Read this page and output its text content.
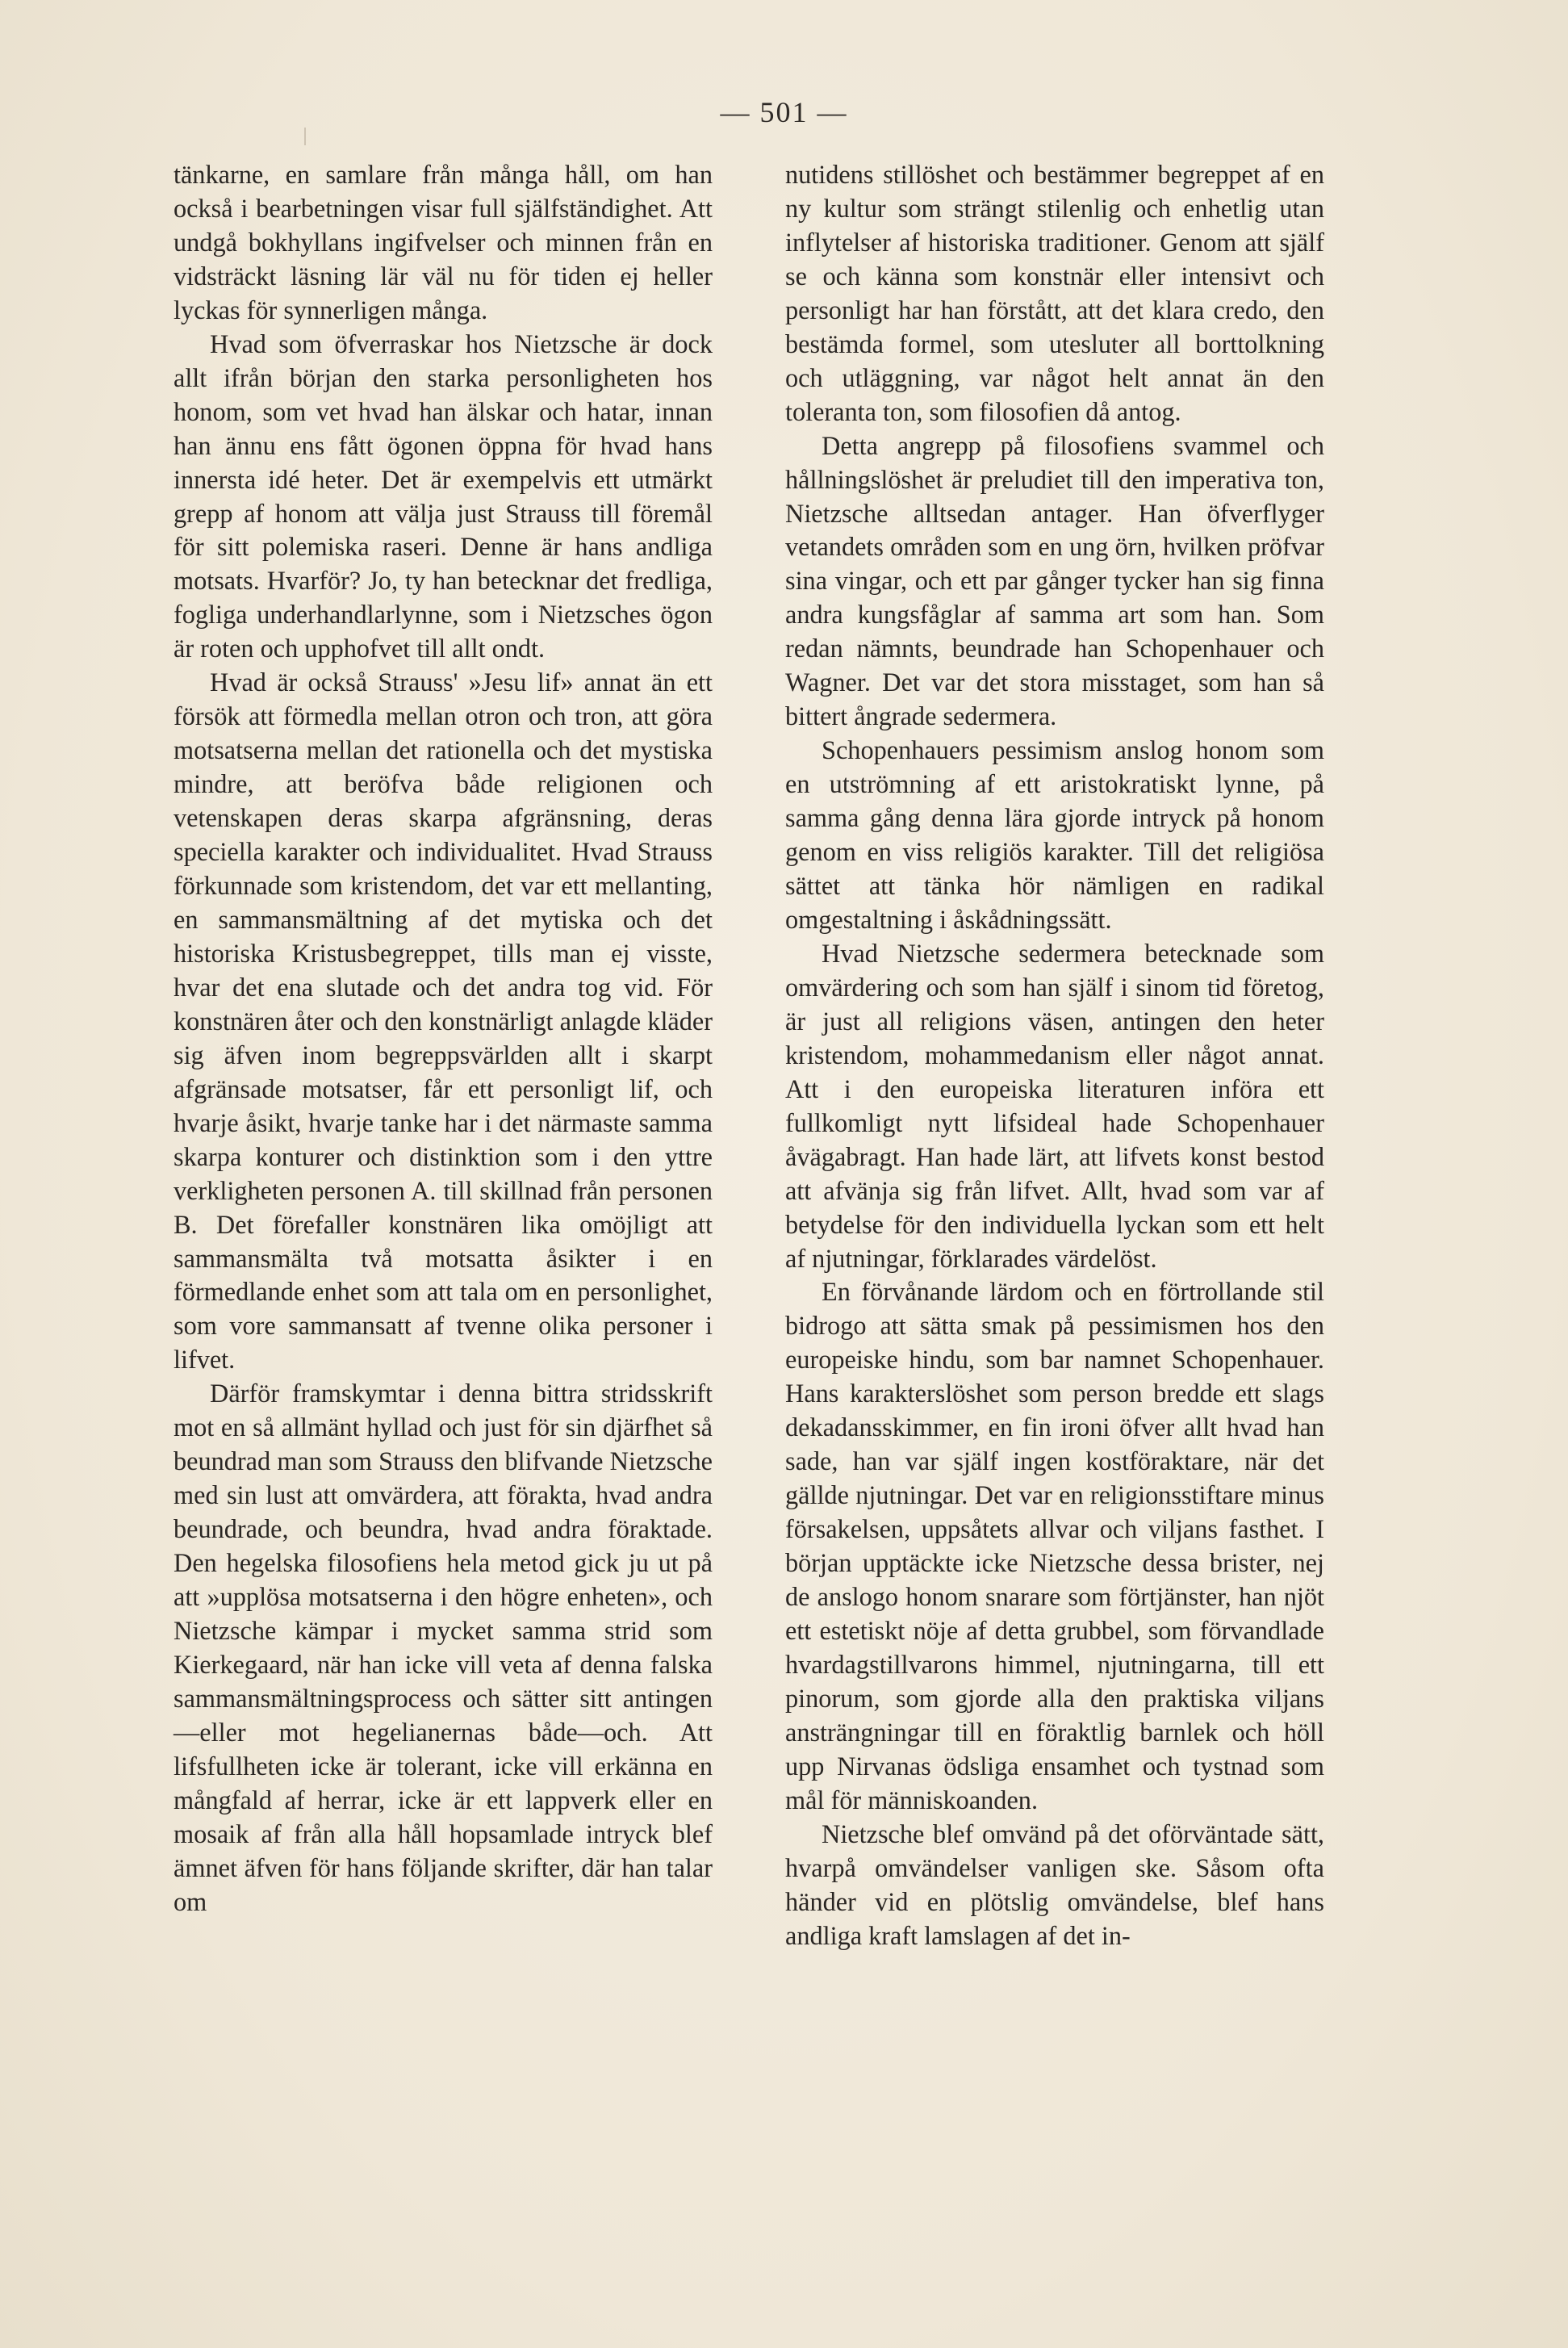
— 501 —

tänkarne, en samlare från många håll, om han också i bearbetningen visar full själfständighet. Att undgå bokhyllans ingifvelser och minnen från en vidsträckt läsning lär väl nu för tiden ej heller lyckas för synnerligen många.

Hvad som öfverraskar hos Nietzsche är dock allt ifrån början den starka personligheten hos honom, som vet hvad han älskar och hatar, innan han ännu ens fått ögonen öppna för hvad hans innersta idé heter. Det är exempelvis ett utmärkt grepp af honom att välja just Strauss till föremål för sitt polemiska raseri. Denne är hans andliga motsats. Hvarför? Jo, ty han betecknar det fredliga, fogliga underhandlarlynne, som i Nietzsches ögon är roten och upphofvet till allt ondt.

Hvad är också Strauss' »Jesu lif» annat än ett försök att förmedla mellan otron och tron, att göra motsatserna mellan det rationella och det mystiska mindre, att beröfva både religionen och vetenskapen deras skarpa afgränsning, deras speciella karakter och individualitet. Hvad Strauss förkunnade som kristendom, det var ett mellanting, en sammansmältning af det mytiska och det historiska Kristusbegreppet, tills man ej visste, hvar det ena slutade och det andra tog vid. För konstnären åter och den konstnärligt anlagde kläder sig äfven inom begreppsvärlden allt i skarpt afgränsade motsatser, får ett personligt lif, och hvarje åsikt, hvarje tanke har i det närmaste samma skarpa konturer och distinktion som i den yttre verkligheten personen A. till skillnad från personen B. Det förefaller konstnären lika omöjligt att sammansmälta två motsatta åsikter i en förmedlande enhet som att tala om en personlighet, som vore sammansatt af tvenne olika personer i lifvet.

Därför framskymtar i denna bittra stridsskrift mot en så allmänt hyllad och just för sin djärfhet så beundrad man som Strauss den blifvande Nietzsche med sin lust att omvärdera, att förakta, hvad andra beundrade, och beundra, hvad andra föraktade. Den hegelska filosofiens hela metod gick ju ut på att »upplösa motsatserna i den högre enheten», och Nietzsche kämpar i mycket samma strid som Kierkegaard, när han icke vill veta af denna falska sammansmältningsprocess och sätter sitt antingen —eller mot hegelianernas både—och. Att lifsfullheten icke är tolerant, icke vill erkänna en mångfald af herrar, icke är ett lappverk eller en mosaik af från alla håll hopsamlade intryck blef ämnet äfven för hans följande skrifter, där han talar om

nutidens stillöshet och bestämmer begreppet af en ny kultur som strängt stilenlig och enhetlig utan inflytelser af historiska traditioner. Genom att själf se och känna som konstnär eller intensivt och personligt har han förstått, att det klara credo, den bestämda formel, som utesluter all borttolkning och utläggning, var något helt annat än den toleranta ton, som filosofien då antog.

Detta angrepp på filosofiens svammel och hållningslöshet är preludiet till den imperativa ton, Nietzsche alltsedan antager. Han öfverflyger vetandets områden som en ung örn, hvilken pröfvar sina vingar, och ett par gånger tycker han sig finna andra kungsfåglar af samma art som han. Som redan nämnts, beundrade han Schopenhauer och Wagner. Det var det stora misstaget, som han så bittert ångrade sedermera.

Schopenhauers pessimism anslog honom som en utströmning af ett aristokratiskt lynne, på samma gång denna lära gjorde intryck på honom genom en viss religiös karakter. Till det religiösa sättet att tänka hör nämligen en radikal omgestaltning i åskådningssätt.

Hvad Nietzsche sedermera betecknade som omvärdering och som han själf i sinom tid företog, är just all religions väsen, antingen den heter kristendom, mohammedanism eller något annat. Att i den europeiska literaturen införa ett fullkomligt nytt lifsideal hade Schopenhauer åvägabragt. Han hade lärt, att lifvets konst bestod att afvänja sig från lifvet. Allt, hvad som var af betydelse för den individuella lyckan som ett helt af njutningar, förklarades värdelöst.

En förvånande lärdom och en förtrollande stil bidrogo att sätta smak på pessimismen hos den europeiske hindu, som bar namnet Schopenhauer. Hans karakterslöshet som person bredde ett slags dekadansskimmer, en fin ironi öfver allt hvad han sade, han var själf ingen kostföraktare, när det gällde njutningar. Det var en religionsstiftare minus försakelsen, uppsåtets allvar och viljans fasthet. I början upptäckte icke Nietzsche dessa brister, nej de anslogo honom snarare som förtjänster, han njöt ett estetiskt nöje af detta grubbel, som förvandlade hvardagstillvarons himmel, njutningarna, till ett pinorum, som gjorde alla den praktiska viljans ansträngningar till en föraktlig barnlek och höll upp Nirvanas ödsliga ensamhet och tystnad som mål för människoanden.

Nietzsche blef omvänd på det oförväntade sätt, hvarpå omvändelser vanligen ske. Såsom ofta händer vid en plötslig omvändelse, blef hans andliga kraft lamslagen af det in-
